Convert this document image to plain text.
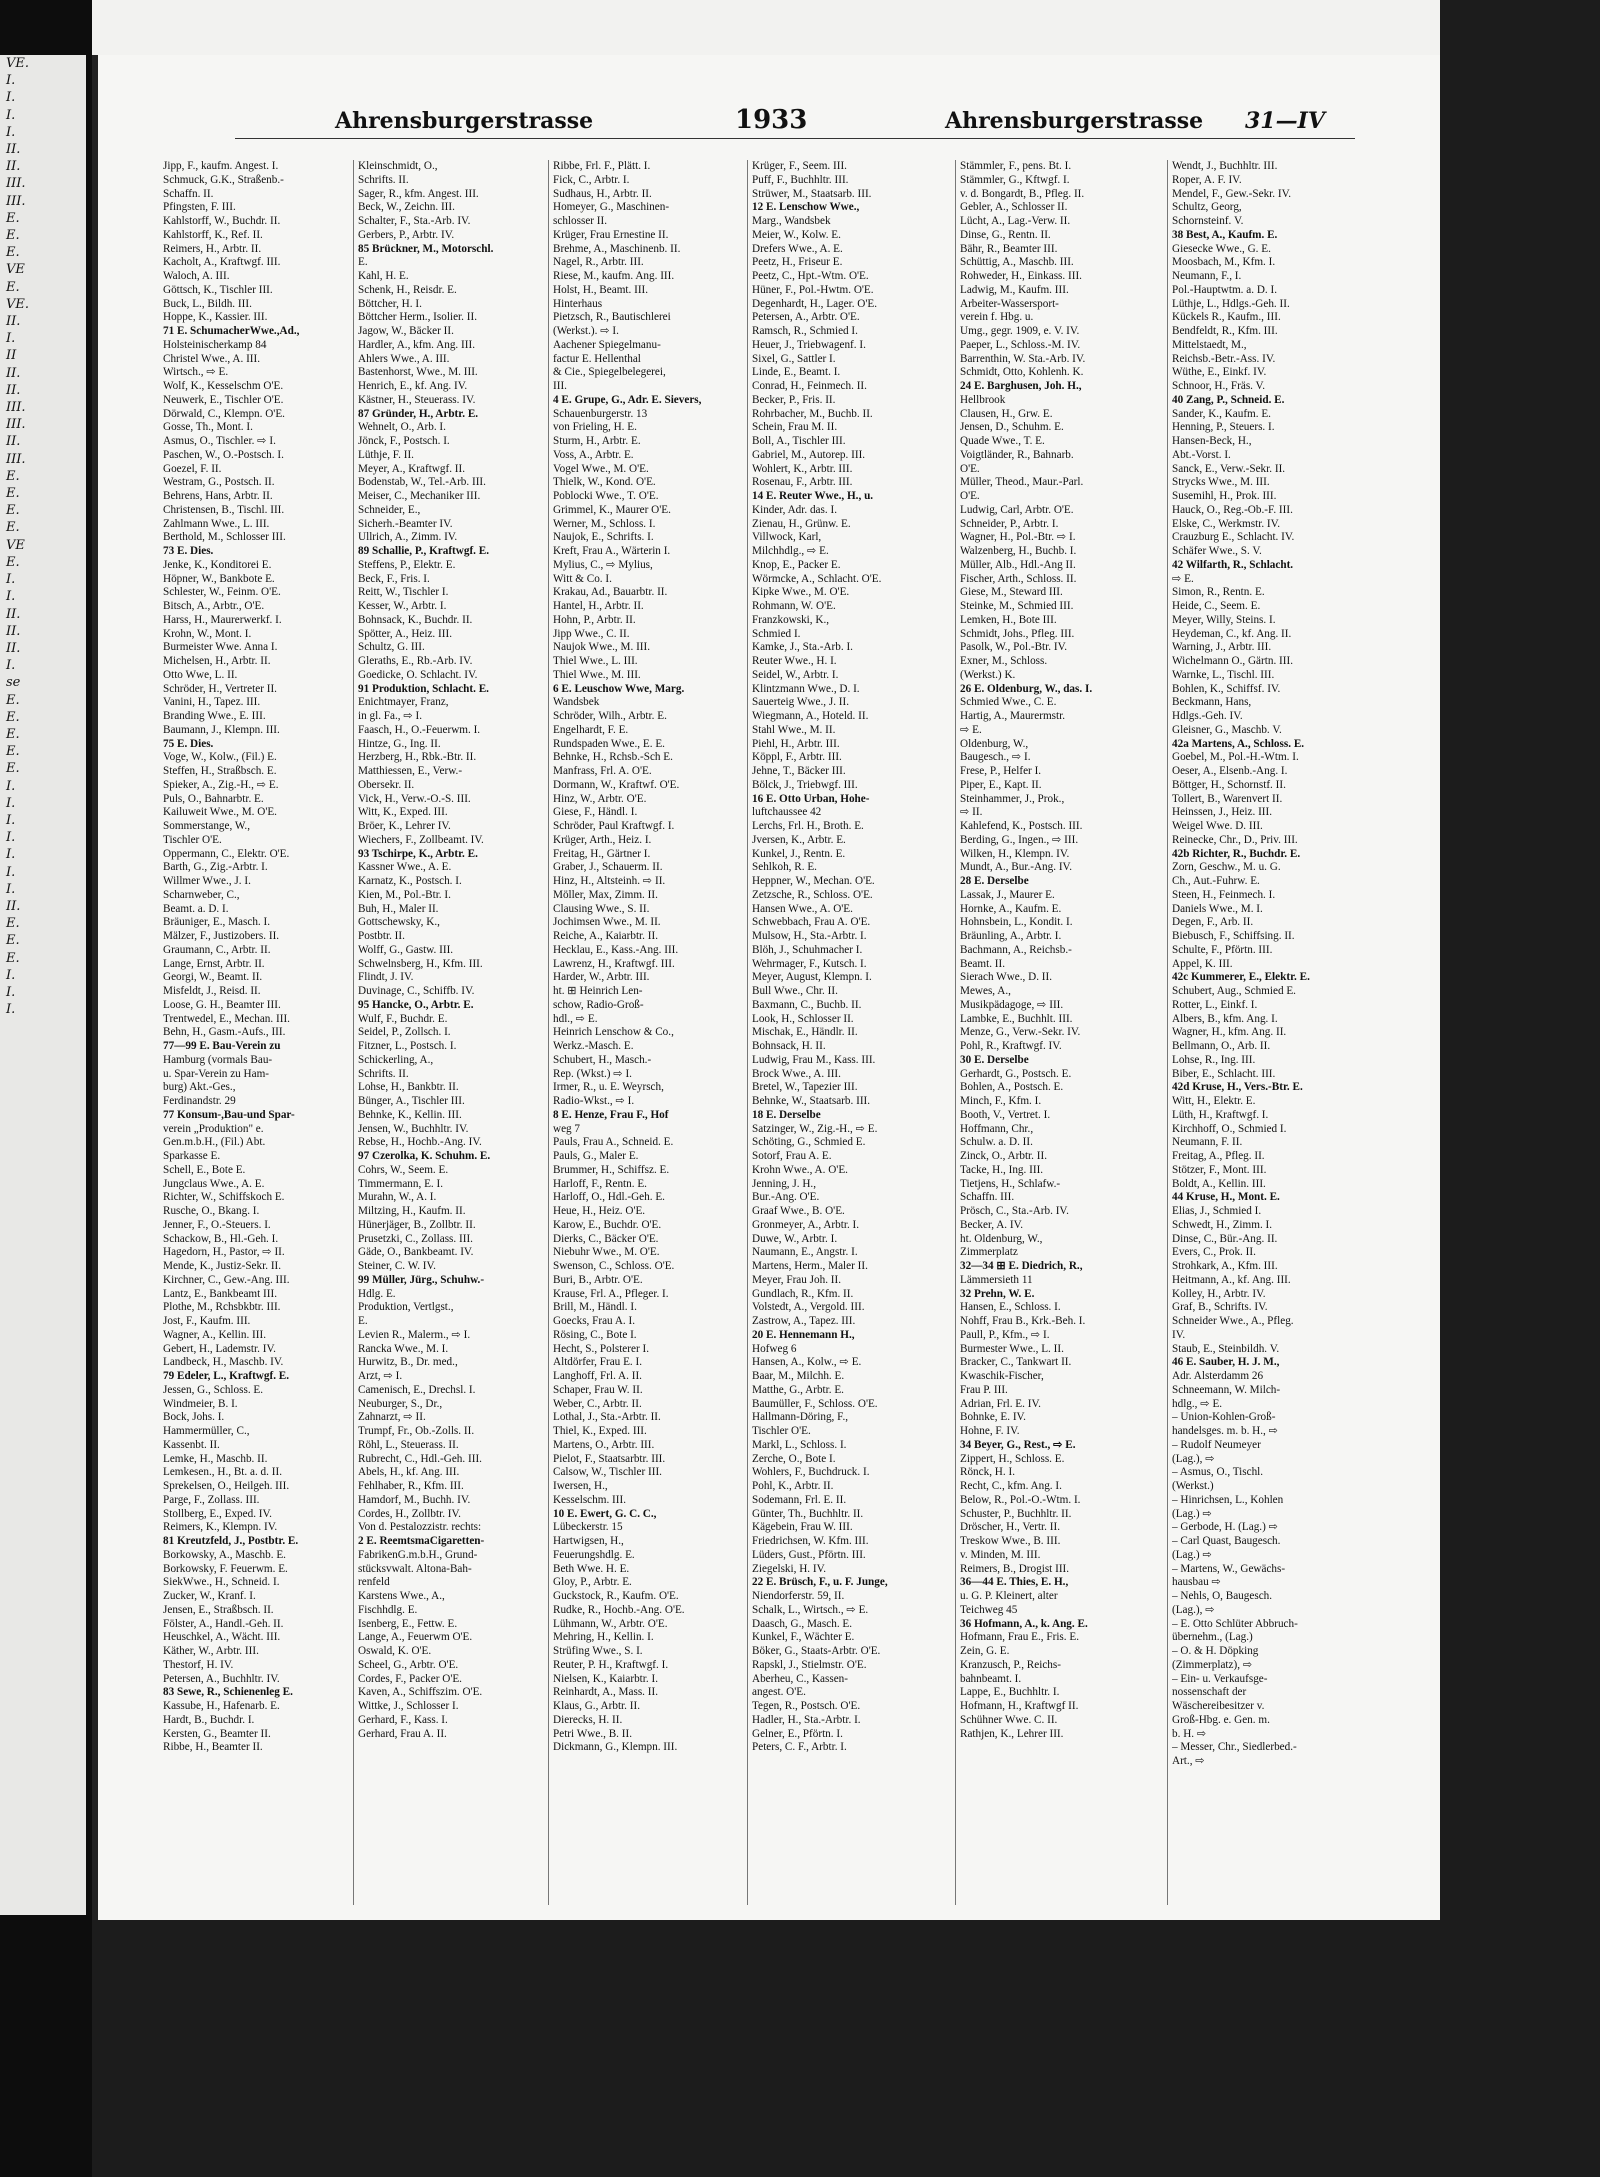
VE.
I.
I.
I.
I.
II.
II.
III.
III.
E.
E.
E.
VE
E.
VE.
II.
I.
II
II.
II.
III.
III.
II.
III.
E.
E.
E.
E.
VE
E.
I.
I.
II.
II.
II.
I.
se
E.
E.
E.
E.
E.
I.
I.
I.
I.
I.
I.
I.
II.
E.
E.
E.
I.
I.
I.
Ahrensburgerstrasse	1933	Ahrensburgerstrasse 31—IV
Jipp, F., kaufm. Angest. I.
Schmuck, G.K., Straßenb.-
Schaffn. II.
Pfingsten, F. III.
Kahlstorff, W., Buchdr. II.
Kahlstorff, K., Ref. II.
Reimers, H., Arbtr. II.
Kacholt, A., Kraftwgf. III.
Waloch, A. III.
Göttsch, K., Tischler III.
Buck, L., Bildh. III.
Hoppe, K., Kassier. III.
71 E. SchumacherWwe.,Ad.,
Holsteinischerkamp 84
Christel Wwe., A. III.
Wirtsch., ⇨ E.
Wolf, K., Kesselschm O'E.
Neuwerk, E., Tischler O'E.
Dörwald, C., Klempn. O'E.
Gosse, Th., Mont. I.
Asmus, O., Tischler. ⇨ I.
Paschen, W., O.-Postsch. I.
Goezel, F. II.
Westram, G., Postsch. II.
Behrens, Hans, Arbtr. II.
Christensen, B., Tischl. III.
Zahlmann Wwe., L. III.
Berthold, M., Schlosser III.
73 E. Dies.
Jenke, K., Konditorei E.
Höpner, W., Bankbote E.
Schlester, W., Feinm. O'E.
Bitsch, A., Arbtr., O'E.
Harss, H., Maurerwerkf. I.
Krohn, W., Mont. I.
Burmeister Wwe. Anna I.
Michelsen, H., Arbtr. II.
Otto Wwe, L. II.
Schröder, H., Vertreter II.
Vanini, H., Tapez. III.
Branding Wwe., E. III.
Baumann, J., Klempn. III.
75 E. Dies.
Voge, W., Kolw., (Fil.) E.
Steffen, H., Straßbsch. E.
Spieker, A., Zig.-H., ⇨ E.
Puls, O., Bahnarbtr. E.
Kailuweit Wwe., M. O'E.
Sommerstange, W.,
Tischler O'E.
Oppermann, C., Elektr. O'E.
Barth, G., Zig.-Arbtr. I.
Willmer Wwe., J. I.
Scharnweber, C.,
Beamt. a. D. I.
Bräuniger, E., Masch. I.
Mälzer, F., Justizobers. II.
Graumann, C., Arbtr. II.
Lange, Ernst, Arbtr. II.
Georgi, W., Beamt. II.
Misfeldt, J., Reisd. II.
Loose, G. H., Beamter III.
Trentwedel, E., Mechan. III.
Behn, H., Gasm.-Aufs., III.
77—99 E. Bau-Verein zu
Hamburg (vormals Bau-
u. Spar-Verein zu Ham-
burg) Akt.-Ges.,
Ferdinandstr. 29
77 Konsum-,Bau-und Spar-
verein „Produktion" e.
Gen.m.b.H., (Fil.) Abt.
Sparkasse E.
Schell, E., Bote E.
Jungclaus Wwe., A. E.
Richter, W., Schiffskoch E.
Rusche, O., Bkang. I.
Jenner, F., O.-Steuers. I.
Schackow, B., Hl.-Geh. I.
Hagedorn, H., Pastor, ⇨ II.
Mende, K., Justiz-Sekr. II.
Kirchner, C., Gew.-Ang. III.
Lantz, E., Bankbeamt III.
Plothe, M., Rchsbkbtr. III.
Jost, F., Kaufm. III.
Wagner, A., Kellin. III.
Gebert, H., Lademstr. IV.
Landbeck, H., Maschb. IV.
79 Edeler, L., Kraftwgf. E.
Jessen, G., Schloss. E.
Windmeier, B. I.
Bock, Johs. I.
Hammermüller, C.,
Kassenbt. II.
Lemke, H., Maschb. II.
Lemkesen., H., Bt. a. d. II.
Sprekelsen, O., Heilgeh. III.
Parge, F., Zollass. III.
Stollberg, E., Exped. IV.
Reimers, K., Klempn. IV.
81 Kreutzfeld, J., Postbtr. E.
Borkowsky, A., Maschb. E.
Borkowsky, F. Feuerwm. E.
SiekWwe., H., Schneid. I.
Zucker, W., Kranf. I.
Jensen, E., Straßbsch. II.
Fölster, A., Handl.-Geh. II.
Heuschkel, A., Wächt. III.
Käther, W., Arbtr. III.
Thestorf, H. IV.
Petersen, A., Buchhltr. IV.
83 Sewe, R., Schienenleg E.
Kassube, H., Hafenarb. E.
Hardt, B., Buchdr. I.
Kersten, G., Beamter II.
Ribbe, H., Beamter II.
Kleinschmidt, O.,
Schrifts. II.
Sager, R., kfm. Angest. III.
Beck, W., Zeichn. III.
Schalter, F., Sta.-Arb. IV.
Gerbers, P., Arbtr. IV.
85 Brückner, M., Motorschl.
E.
Kahl, H. E.
Schenk, H., Reisdr. E.
Böttcher, H. I.
Böttcher Herm., Isolier. II.
Jagow, W., Bäcker II.
Hardler, A., kfm. Ang. III.
Ahlers Wwe., A. III.
Bastenhorst, Wwe., M. III.
Henrich, E., kf. Ang. IV.
Kästner, H., Steuerass. IV.
87 Gründer, H., Arbtr. E.
Wehnelt, O., Arb. I.
Jönck, F., Postsch. I.
Lüthje, F. II.
Meyer, A., Kraftwgf. II.
Bodenstab, W., Tel.-Arb. III.
Meiser, C., Mechaniker III.
Schneider, E.,
Sicherh.-Beamter IV.
Ullrich, A., Zimm. IV.
89 Schallie, P., Kraftwgf. E.
Steffens, P., Elektr. E.
Beck, F., Fris. I.
Reitt, W., Tischler I.
Kesser, W., Arbtr. I.
Bohnsack, K., Buchdr. II.
Spötter, A., Heiz. III.
Schultz, G. III.
Gleraths, E., Rb.-Arb. IV.
Goedicke, O. Schlacht. IV.
91 Produktion, Schlacht. E.
Enichtmayer, Franz,
in gl. Fa., ⇨ I.
Faasch, H., O.-Feuerwm. I.
Hintze, G., Ing. II.
Herzberg, H., Rbk.-Btr. II.
Matthiessen, E., Verw.-
Obersekr. II.
Vick, H., Verw.-O.-S. III.
Witt, K., Exped. III.
Bröer, K., Lehrer IV.
Wiechers, F., Zollbeamt. IV.
93 Tschirpe, K., Arbtr. E.
Kassner Wwe., A. E.
Karnatz, K., Postsch. I.
Kien, M., Pol.-Btr. I.
Buh, H., Maler II.
Gottschewsky, K.,
Postbtr. II.
Wolff, G., Gastw. III.
Schwelnsberg, H., Kfm. III.
Flindt, J. IV.
Duvinage, C., Schiffb. IV.
95 Hancke, O., Arbtr. E.
Wulf, F., Buchdr. E.
Seidel, P., Zollsch. I.
Fitzner, L., Postsch. I.
Schickerling, A.,
Schrifts. II.
Lohse, H., Bankbtr. II.
Bünger, A., Tischler III.
Behnke, K., Kellin. III.
Jensen, W., Buchhltr. IV.
Rebse, H., Hochb.-Ang. IV.
97 Czerolka, K. Schuhm. E.
Cohrs, W., Seem. E.
Timmermann, E. I.
Murahn, W., A. I.
Miltzing, H., Kaufm. II.
Hünerjäger, B., Zollbtr. II.
Prusetzki, C., Zollass. III.
Gäde, O., Bankbeamt. IV.
Steiner, C. W. IV.
99 Müller, Jürg., Schuhw.-
Hdlg. E.
Produktion, Vertlgst.,
E.
Levien R., Malerm., ⇨ I.
Rancka Wwe., M. I.
Hurwitz, B., Dr. med.,
Arzt, ⇨ I.
Camenisch, E., Drechsl. I.
Neuburger, S., Dr.,
Zahnarzt, ⇨ II.
Trumpf, Fr., Ob.-Zolls. II.
Röhl, L., Steuerass. II.
Rubrecht, C., Hdl.-Geh. III.
Abels, H., kf. Ang. III.
Fehlhaber, R., Kfm. III.
Hamdorf, M., Buchh. IV.
Cordes, H., Zollbtr. IV.
Von d. Pestalozzistr. rechts:
2 E. ReemtsmaCigaretten-
FabrikenG.m.b.H., Grund-
stücksvwalt. Altona-Bah-
renfeld
Karstens Wwe., A.,
Fischhdlg. E.
Isenberg, E., Fettw. E.
Lange, A., Feuerwm O'E.
Oswald, K. O'E.
Scheel, G., Arbtr. O'E.
Cordes, F., Packer O'E.
Kaven, A., Schiffszim. O'E.
Wittke, J., Schlosser I.
Gerhard, F., Kass. I.
Gerhard, Frau A. II.
Ribbe, Frl. F., Plätt. I.
Fick, C., Arbtr. I.
Sudhaus, H., Arbtr. II.
Homeyer, G., Maschinen-
schlosser II.
Krüger, Frau Ernestine II.
Brehme, A., Maschinenb. II.
Nagel, R., Arbtr. III.
Riese, M., kaufm. Ang. III.
Holst, H., Beamt. III.
Hinterhaus
Pietzsch, R., Bautischlerei
(Werkst.). ⇨ I.
Aachener Spiegelmanu-
factur E. Hellenthal
& Cie., Spiegelbelegerei,
III.
4 E. Grupe, G., Adr. E. Sievers,
Schauenburgerstr. 13
von Frieling, H. E.
Sturm, H., Arbtr. E.
Voss, A., Arbtr. E.
Vogel Wwe., M. O'E.
Thielk, W., Kond. O'E.
Poblocki Wwe., T. O'E.
Grimmel, K., Maurer O'E.
Werner, M., Schloss. I.
Naujok, E., Schrifts. I.
Kreft, Frau A., Wärterin I.
Mylius, C., ⇨ Mylius,
Witt & Co. I.
Krakau, Ad., Bauarbtr. II.
Hantel, H., Arbtr. II.
Hohn, P., Arbtr. II.
Jipp Wwe., C. II.
Naujok Wwe., M. III.
Thiel Wwe., L. III.
Thiel Wwe., M. III.
6 E. Leuschow Wwe, Marg.
Wandsbek
Schröder, Wilh., Arbtr. E.
Engelhardt, F. E.
Rundspaden Wwe., E. E.
Behnke, H., Rchsb.-Sch E.
Manfrass, Frl. A. O'E.
Dormann, W., Kraftwf. O'E.
Hinz, W., Arbtr. O'E.
Giese, F., Händl. I.
Schröder, Paul Kraftwgf. I.
Krüger, Arth., Heiz. I.
Freitag, H., Gärtner I.
Graber, J., Schauerm. II.
Hinz, H., Altsteinh. ⇨ II.
Möller, Max, Zimm. II.
Clausing Wwe., S. II.
Jochimsen Wwe., M. II.
Reiche, A., Kaiarbtr. II.
Hecklau, E., Kass.-Ang. III.
Lawrenz, H., Kraftwgf. III.
Harder, W., Arbtr. III.
ht. ⊞ Heinrich Len-
schow, Radio-Groß-
hdl., ⇨ E.
Heinrich Lenschow & Co.,
Werkz.-Masch. E.
Schubert, H., Masch.-
Rep. (Wkst.) ⇨ I.
Irmer, R., u. E. Weyrsch,
Radio-Wkst., ⇨ I.
8 E. Henze, Frau F., Hof
weg 7
Pauls, Frau A., Schneid. E.
Pauls, G., Maler E.
Brummer, H., Schiffsz. E.
Harloff, F., Rentn. E.
Harloff, O., Hdl.-Geh. E.
Heue, H., Heiz. O'E.
Karow, E., Buchdr. O'E.
Dierks, C., Bäcker O'E.
Niebuhr Wwe., M. O'E.
Swenson, C., Schloss. O'E.
Buri, B., Arbtr. O'E.
Krause, Frl. A., Pfleger. I.
Brill, M., Händl. I.
Goecks, Frau A. I.
Rösing, C., Bote I.
Hecht, S., Polsterer I.
Altdörfer, Frau E. I.
Langhoff, Frl. A. II.
Schaper, Frau W. II.
Weber, C., Arbtr. II.
Lothal, J., Sta.-Arbtr. II.
Thiel, K., Exped. III.
Martens, O., Arbtr. III.
Pielot, F., Staatsarbtr. III.
Calsow, W., Tischler III.
Iwersen, H.,
Kesselschm. III.
10 E. Ewert, G. C. C.,
Lübeckerstr. 15
Hartwigsen, H.,
Feuerungshdlg. E.
Beth Wwe. H. E.
Gloy, P., Arbtr. E.
Guckstock, R., Kaufm. O'E.
Rudke, R., Hochb.-Ang. O'E.
Lühmann, W., Arbtr. O'E.
Mehring, H., Kellin. I.
Strüfing Wwe., S. I.
Reuter, P. H., Kraftwgf. I.
Nielsen, K., Kaiarbtr. I.
Reinhardt, A., Mass. II.
Klaus, G., Arbtr. II.
Dierecks, H. II.
Petri Wwe., B. II.
Dickmann, G., Klempn. III.
Krüger, F., Seem. III.
Puff, F., Buchhltr. III.
Strüwer, M., Staatsarb. III.
12 E. Lenschow Wwe.,
Marg., Wandsbek
Meier, W., Kolw. E.
Drefers Wwe., A. E.
Peetz, H., Friseur E.
Peetz, C., Hpt.-Wtm. O'E.
Hüner, F., Pol.-Hwtm. O'E.
Degenhardt, H., Lager. O'E.
Petersen, A., Arbtr. O'E.
Ramsch, R., Schmied I.
Heuer, J., Triebwagenf. I.
Sixel, G., Sattler I.
Linde, E., Beamt. I.
Conrad, H., Feinmech. II.
Becker, P., Fris. II.
Rohrbacher, M., Buchb. II.
Schein, Frau M. II.
Boll, A., Tischler III.
Gabriel, M., Autorep. III.
Wohlert, K., Arbtr. III.
Rosenau, F., Arbtr. III.
14 E. Reuter Wwe., H., u.
Kinder, Adr. das. I.
Zienau, H., Grünw. E.
Villwock, Karl,
Milchhdlg., ⇨ E.
Knop, E., Packer E.
Wörmcke, A., Schlacht. O'E.
Kipke Wwe., M. O'E.
Rohmann, W. O'E.
Franzkowski, K.,
Schmied I.
Kamke, J., Sta.-Arb. I.
Reuter Wwe., H. I.
Seidel, W., Arbtr. I.
Klintzmann Wwe., D. I.
Sauerteig Wwe., J. II.
Wiegmann, A., Hoteld. II.
Stahl Wwe., M. II.
Piehl, H., Arbtr. III.
Köppl, F., Arbtr. III.
Jehne, T., Bäcker III.
Bölck, J., Triebwgf. III.
16 E. Otto Urban, Hohe-
luftchaussee 42
Lerchs, Frl. H., Broth. E.
Jversen, K., Arbtr. E.
Kunkel, J., Rentn. E.
Sehlkoh, R. E.
Heppner, W., Mechan. O'E.
Zetzsche, R., Schloss. O'E.
Hansen Wwe., A. O'E.
Schwebbach, Frau A. O'E.
Mulsow, H., Sta.-Arbtr. I.
Blöh, J., Schuhmacher I.
Wehrmager, F., Kutsch. I.
Meyer, August, Klempn. I.
Bull Wwe., Chr. II.
Baxmann, C., Buchb. II.
Look, H., Schlosser II.
Mischak, E., Händlr. II.
Bohnsack, H. II.
Ludwig, Frau M., Kass. III.
Brock Wwe., A. III.
Bretel, W., Tapezier III.
Behnke, W., Staatsarb. III.
18 E. Derselbe
Satzinger, W., Zig.-H., ⇨ E.
Schöting, G., Schmied E.
Sotorf, Frau A. E.
Krohn Wwe., A. O'E.
Jenning, J. H.,
Bur.-Ang. O'E.
Graaf Wwe., B. O'E.
Gronmeyer, A., Arbtr. I.
Duwe, W., Arbtr. I.
Naumann, E., Angstr. I.
Martens, Herm., Maler II.
Meyer, Frau Joh. II.
Gundlach, R., Kfm. II.
Volstedt, A., Vergold. III.
Zastrow, A., Tapez. III.
20 E. Hennemann H.,
Hofweg 6
Hansen, A., Kolw., ⇨ E.
Baar, M., Milchh. E.
Matthe, G., Arbtr. E.
Baumüller, F., Schloss. O'E.
Hallmann-Döring, F.,
Tischler O'E.
Markl, L., Schloss. I.
Zerche, O., Bote I.
Wohlers, F., Buchdruck. I.
Pohl, K., Arbtr. II.
Sodemann, Frl. E. II.
Günter, Th., Buchhltr. II.
Kägebein, Frau W. III.
Friedrichsen, W. Kfm. III.
Lüders, Gust., Pförtn. III.
Ziegelski, H. IV.
22 E. Brüsch, F., u. F. Junge,
Niendorferstr. 59, II.
Schalk, L., Wirtsch., ⇨ E.
Daasch, G., Masch. E.
Kunkel, F., Wächter E.
Böker, G., Staats-Arbtr. O'E.
Rapskl, J., Stielmstr. O'E.
Aberheu, C., Kassen-
angest. O'E.
Tegen, R., Postsch. O'E.
Hadler, H., Sta.-Arbtr. I.
Gelner, E., Pförtn. I.
Peters, C. F., Arbtr. I.
Stämmler, F., pens. Bt. I.
Stämmler, G., Kftwgf. I.
v. d. Bongardt, B., Pfleg. II.
Gebler, A., Schlosser II.
Lücht, A., Lag.-Verw. II.
Dinse, G., Rentn. II.
Bähr, R., Beamter III.
Schüttig, A., Maschb. III.
Rohweder, H., Einkass. III.
Ladwig, M., Kaufm. III.
Arbeiter-Wassersport-
verein f. Hbg. u.
Umg., gegr. 1909, e. V. IV.
Paeper, L., Schloss.-M. IV.
Barrenthin, W. Sta.-Arb. IV.
Schmidt, Otto, Kohlenh. K.
24 E. Barghusen, Joh. H.,
Hellbrook
Clausen, H., Grw. E.
Jensen, D., Schuhm. E.
Quade Wwe., T. E.
Voigtländer, R., Bahnarb.
O'E.
Müller, Theod., Maur.-Parl.
O'E.
Ludwig, Carl, Arbtr. O'E.
Schneider, P., Arbtr. I.
Wagner, H., Pol.-Btr. ⇨ I.
Walzenberg, H., Buchb. I.
Müller, Alb., Hdl.-Ang II.
Fischer, Arth., Schloss. II.
Giese, M., Steward III.
Steinke, M., Schmied III.
Lemken, H., Bote III.
Schmidt, Johs., Pfleg. III.
Pasolk, W., Pol.-Btr. IV.
Exner, M., Schloss.
(Werkst.) K.
26 E. Oldenburg, W., das. I.
Schmied Wwe., C. E.
Hartig, A., Maurermstr.
⇨ E.
Oldenburg, W.,
Baugesch., ⇨ I.
Frese, P., Helfer I.
Piper, E., Kapt. II.
Steinhammer, J., Prok.,
⇨ II.
Kahlefend, K., Postsch. III.
Berding, G., Ingen., ⇨ III.
Wilken, H., Klempn. IV.
Mundt, A., Bur.-Ang. IV.
28 E. Derselbe
Lassak, J., Maurer E.
Hornke, A., Kaufm. E.
Hohnsbein, L., Kondit. I.
Bräunling, A., Arbtr. I.
Bachmann, A., Reichsb.-
Beamt. II.
Sierach Wwe., D. II.
Mewes, A.,
Musikpädagoge, ⇨ III.
Lambke, E., Buchhlt. III.
Menze, G., Verw.-Sekr. IV.
Pohl, R., Kraftwgf. IV.
30 E. Derselbe
Gerhardt, G., Postsch. E.
Bohlen, A., Postsch. E.
Minch, F., Kfm. I.
Booth, V., Vertret. I.
Hoffmann, Chr.,
Schulw. a. D. II.
Zinck, O., Arbtr. II.
Tacke, H., Ing. III.
Tietjens, H., Schlafw.-
Schaffn. III.
Prösch, C., Sta.-Arb. IV.
Becker, A. IV.
ht. Oldenburg, W.,
Zimmerplatz
32—34 ⊞ E. Diedrich, R.,
Lämmersieth 11
32 Prehn, W. E.
Hansen, E., Schloss. I.
Nohff, Frau B., Krk.-Beh. I.
Paull, P., Kfm., ⇨ I.
Burmester Wwe., L. II.
Bracker, C., Tankwart II.
Kwaschik-Fischer,
Frau P. III.
Adrian, Frl. E. IV.
Bohnke, E. IV.
Hohne, F. IV.
34 Beyer, G., Rest., ⇨ E.
Zippert, H., Schloss. E.
Rönck, H. I.
Recht, C., kfm. Ang. I.
Below, R., Pol.-O.-Wtm. I.
Schuster, P., Buchhltr. II.
Dröscher, H., Vertr. II.
Treskow Wwe., B. III.
v. Minden, M. III.
Reimers, B., Drogist III.
36—44 E. Thies, E. H.,
u. G. P. Kleinert, alter
Teichweg 45
36 Hofmann, A., k. Ang. E.
Hofmann, Frau E., Fris. E.
Zein, G. E.
Kranzusch, P., Reichs-
bahnbeamt. I.
Lappe, E., Buchhltr. I.
Hofmann, H., Kraftwgf II.
Schühner Wwe. C. II.
Rathjen, K., Lehrer III.
Wendt, J., Buchhltr. III.
Roper, A. F. IV.
Mendel, F., Gew.-Sekr. IV.
Schultz, Georg,
Schornsteinf. V.
38 Best, A., Kaufm. E.
Giesecke Wwe., G. E.
Moosbach, M., Kfm. I.
Neumann, F., I.
Pol.-Hauptwtm. a. D. I.
Lüthje, L., Hdlgs.-Geh. II.
Kückels R., Kaufm., III.
Bendfeldt, R., Kfm. III.
Mittelstaedt, M.,
Reichsb.-Betr.-Ass. IV.
Wüthe, E., Einkf. IV.
Schnoor, H., Fräs. V.
40 Zang, P., Schneid. E.
Sander, K., Kaufm. E.
Henning, P., Steuers. I.
Hansen-Beck, H.,
Abt.-Vorst. I.
Sanck, E., Verw.-Sekr. II.
Strycks Wwe., M. III.
Susemihl, H., Prok. III.
Hauck, O., Reg.-Ob.-F. III.
Elske, C., Werkmstr. IV.
Crauzburg E., Schlacht. IV.
Schäfer Wwe., S. V.
42 Wilfarth, R., Schlacht.
⇨ E.
Simon, R., Rentn. E.
Heide, C., Seem. E.
Meyer, Willy, Steins. I.
Heydeman, C., kf. Ang. II.
Warning, J., Arbtr. III.
Wichelmann O., Gärtn. III.
Warnke, L., Tischl. III.
Bohlen, K., Schiffsf. IV.
Beckmann, Hans,
Hdlgs.-Geh. IV.
Gleisner, G., Maschb. V.
42a Martens, A., Schloss. E.
Goebel, M., Pol.-H.-Wtm. I.
Oeser, A., Elsenb.-Ang. I.
Böttger, H., Schornstf. II.
Tollert, B., Warenvert II.
Heinssen, J., Heiz. III.
Weigel Wwe. D. III.
Reinecke, Chr., D., Priv. III.
42b Richter, R., Buchdr. E.
Zorn, Geschw., M. u. G.
Ch., Aut.-Fuhrw. E.
Steen, H., Feinmech. I.
Daniels Wwe., M. I.
Degen, F., Arb. II.
Biebusch, F., Schiffsing. II.
Schulte, F., Pförtn. III.
Appel, K. III.
42c Kummerer, E., Elektr. E.
Schubert, Aug., Schmied E.
Rotter, L., Einkf. I.
Albers, B., kfm. Ang. I.
Wagner, H., kfm. Ang. II.
Bellmann, O., Arb. II.
Lohse, R., Ing. III.
Biber, E., Schlacht. III.
42d Kruse, H., Vers.-Btr. E.
Witt, H., Elektr. E.
Lüth, H., Kraftwgf. I.
Kirchhoff, O., Schmied I.
Neumann, F. II.
Freitag, A., Pfleg. II.
Stötzer, F., Mont. III.
Boldt, A., Kellin. III.
44 Kruse, H., Mont. E.
Elias, J., Schmied I.
Schwedt, H., Zimm. I.
Dinse, C., Bür.-Ang. II.
Evers, C., Prok. II.
Strohkark, A., Kfm. III.
Heitmann, A., kf. Ang. III.
Kolley, H., Arbtr. IV.
Graf, B., Schrifts. IV.
Schneider Wwe., A., Pfleg.
IV.
Staub, E., Steinbildh. V.
46 E. Sauber, H. J. M.,
Adr. Alsterdamm 26
Schneemann, W. Milch-
hdlg., ⇨ E.
– Union-Kohlen-Groß-
handelsges. m. b. H., ⇨
– Rudolf Neumeyer
(Lag.), ⇨
– Asmus, O., Tischl.
(Werkst.)
– Hinrichsen, L., Kohlen
(Lag.) ⇨
– Gerbode, H. (Lag.) ⇨
– Carl Quast, Baugesch.
(Lag.) ⇨
– Martens, W., Gewächs-
hausbau ⇨
– Nehls, O, Baugesch.
(Lag.), ⇨
– E. Otto Schlüter Abbruch-
übernehm., (Lag.)
– O. & H. Döpking
(Zimmerplatz), ⇨
– Ein- u. Verkaufsge-
nossenschaft der
Wäschereibesitzer v.
Groß-Hbg. e. Gen. m.
b. H. ⇨
– Messer, Chr., Siedlerbed.-
Art., ⇨
